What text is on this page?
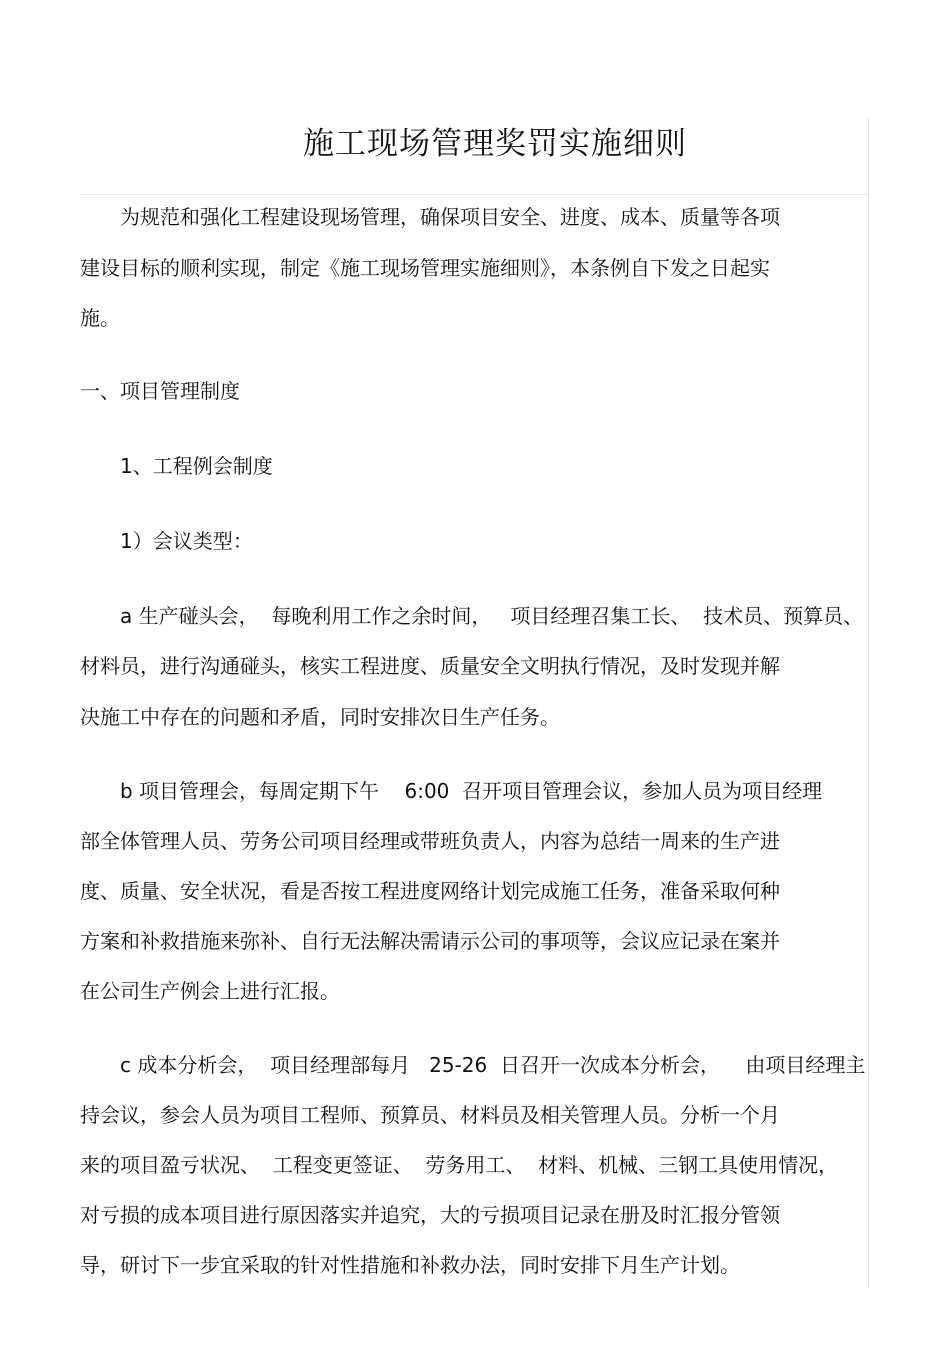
施工现场管理奖罚实施细则
为规范和强化工程建设现场管理，确保项目安全、进度、成本、质量等各项
建设目标的顺利实现，制定《施工现场管理实施细则》，本条例自下发之日起实
施。
一、项目管理制度
1、工程例会制度
1）会议类型：
a 生产碰头会，  每晚利用工作之余时间，   项目经理召集工长、  技术员、预算员、
材料员，进行沟通碰头，核实工程进度、质量安全文明执行情况，及时发现并解
决施工中存在的问题和矛盾，同时安排次日生产任务。
b 项目管理会，每周定期下午    6:00  召开项目管理会议，参加人员为项目经理
部全体管理人员、劳务公司项目经理或带班负责人，内容为总结一周来的生产进
度、质量、安全状况，看是否按工程进度网络计划完成施工任务，准备采取何种
方案和补救措施来弥补、自行无法解决需请示公司的事项等，会议应记录在案并
在公司生产例会上进行汇报。
c 成本分析会，  项目经理部每月   25-26  日召开一次成本分析会，    由项目经理主
持会议，参会人员为项目工程师、预算员、材料员及相关管理人员。分析一个月
来的项目盈亏状况、  工程变更签证、  劳务用工、  材料、机械、三钢工具使用情况，
对亏损的成本项目进行原因落实并追究，大的亏损项目记录在册及时汇报分管领
导，研讨下一步宜采取的针对性措施和补救办法，同时安排下月生产计划。
